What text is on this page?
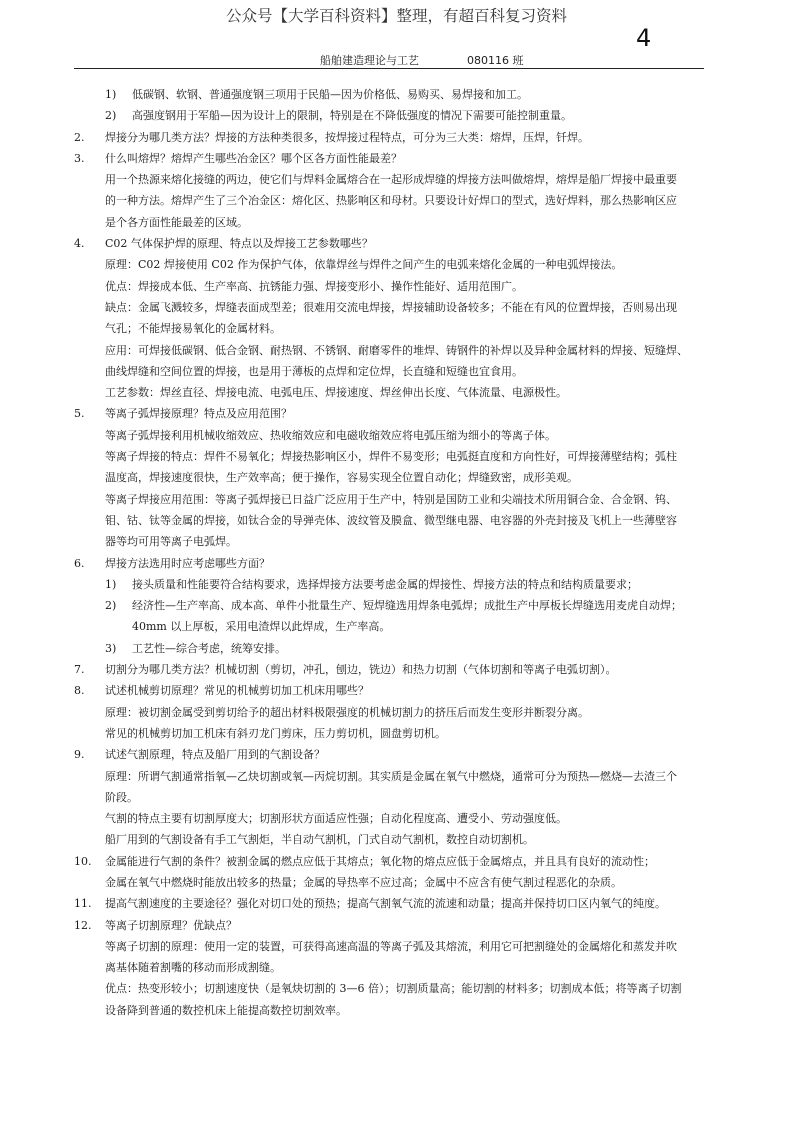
公众号【大学百科资料】整理，有超百科复习资料
4
船舶建造理论与工艺	080116 班
1) 低碳钢、软钢、普通强度钢三项用于民船—因为价格低、易购买、易焊接和加工。
2) 高强度钢用于军船—因为设计上的限制，特别是在不降低强度的情况下需要可能控制重量。
2. 焊接分为哪几类方法？焊接的方法种类很多，按焊接过程特点，可分为三大类：熔焊，压焊，钎焊。
3. 什么叫熔焊？熔焊产生哪些冶金区？哪个区各方面性能最差？
用一个热源来熔化接缝的两边，使它们与焊料金属熔合在一起形成焊缝的焊接方法叫做熔焊，熔焊是船厂焊接中最重要
的一种方法。熔焊产生了三个冶金区：熔化区、热影响区和母材。只要设计好焊口的型式，选好焊料，那么热影响区应
是个各方面性能最差的区域。
4. C02 气体保护焊的原理、特点以及焊接工艺参数哪些？
原理：C02 焊接使用 C02 作为保护气体，依靠焊丝与焊件之间产生的电弧来熔化金属的一种电弧焊接法。
优点：焊接成本低、生产率高、抗锈能力强、焊接变形小、操作性能好、适用范围广。
缺点：金属飞溅较多，焊缝表面成型差；很难用交流电焊接，焊接辅助设备较多；不能在有风的位置焊接，否则易出现
气孔；不能焊接易氧化的金属材料。
应用：可焊接低碳钢、低合金钢、耐热钢、不锈钢、耐磨零件的堆焊、铸钢件的补焊以及异种金属材料的焊接、短缝焊、
曲线焊缝和空间位置的焊接，也是用于薄板的点焊和定位焊，长直缝和短缝也宜食用。
工艺参数：焊丝直径、焊接电流、电弧电压、焊接速度、焊丝伸出长度、气体流量、电源极性。
5. 等离子弧焊接原理？特点及应用范围？
等离子弧焊接利用机械收缩效应、热收缩效应和电磁收缩效应将电弧压缩为细小的等离子体。
等离子焊接的特点：焊件不易氧化；焊接热影响区小，焊件不易变形；电弧挺直度和方向性好，可焊接薄壁结构；弧柱
温度高，焊接速度很快，生产效率高；便于操作，容易实现全位置自动化；焊缝致密，成形美观。
等离子焊接应用范围：等离子弧焊接已日益广泛应用于生产中，特别是国防工业和尖端技术所用铜合金、合金钢、钨、
钼、钴、钛等金属的焊接，如钛合金的导弹壳体、波纹管及膜盒、微型继电器、电容器的外壳封接及飞机上一些薄壁容
器等均可用等离子电弧焊。
6. 焊接方法选用时应考虑哪些方面？
1) 接头质量和性能要符合结构要求，选择焊接方法要考虑金属的焊接性、焊接方法的特点和结构质量要求；
2) 经济性—生产率高、成本高、单件小批量生产、短焊缝选用焊条电弧焊；成批生产中厚板长焊缝选用麦虎自动焊；
40mm 以上厚板，采用电渣焊以此焊成，生产率高。
3) 工艺性—综合考虑，统筹安排。
7. 切割分为哪几类方法？机械切割（剪切，冲孔，刨边，铣边）和热力切割（气体切割和等离子电弧切割）。
8. 试述机械剪切原理？常见的机械剪切加工机床用哪些？
原理：被切割金属受到剪切给予的超出材料极限强度的机械切割力的挤压后而发生变形并断裂分离。
常见的机械剪切加工机床有斜刃龙门剪床，压力剪切机，圆盘剪切机。
9. 试述气割原理，特点及船厂用到的气割设备？
原理：所谓气割通常指氧—乙炔切割或氧—丙烷切割。其实质是金属在氧气中燃烧，通常可分为预热—燃烧—去渣三个
阶段。
气割的特点主要有切割厚度大；切割形状方面适应性强；自动化程度高、遭受小、劳动强度低。
船厂用到的气割设备有手工气割炬，半自动气割机，门式自动气割机，数控自动切割机。
10. 金属能进行气割的条件？被割金属的燃点应低于其熔点；氧化物的熔点应低于金属熔点，并且具有良好的流动性；
金属在氧气中燃烧时能放出较多的热量；金属的导热率不应过高；金属中不应含有使气割过程恶化的杂质。
11. 提高气割速度的主要途径？强化对切口处的预热；提高气割氧气流的流速和动量；提高并保持切口区内氧气的纯度。
12. 等离子切割原理？优缺点？
等离子切割的原理：使用一定的装置，可获得高速高温的等离子弧及其熔流，利用它可把割缝处的金属熔化和蒸发并吹
离基体随着割嘴的移动而形成割缝。
优点：热变形较小；切割速度快（是氧炔切割的 3—6 倍）；切割质量高；能切割的材料多；切割成本低；将等离子切割
设备降到普通的数控机床上能提高数控切割效率。
